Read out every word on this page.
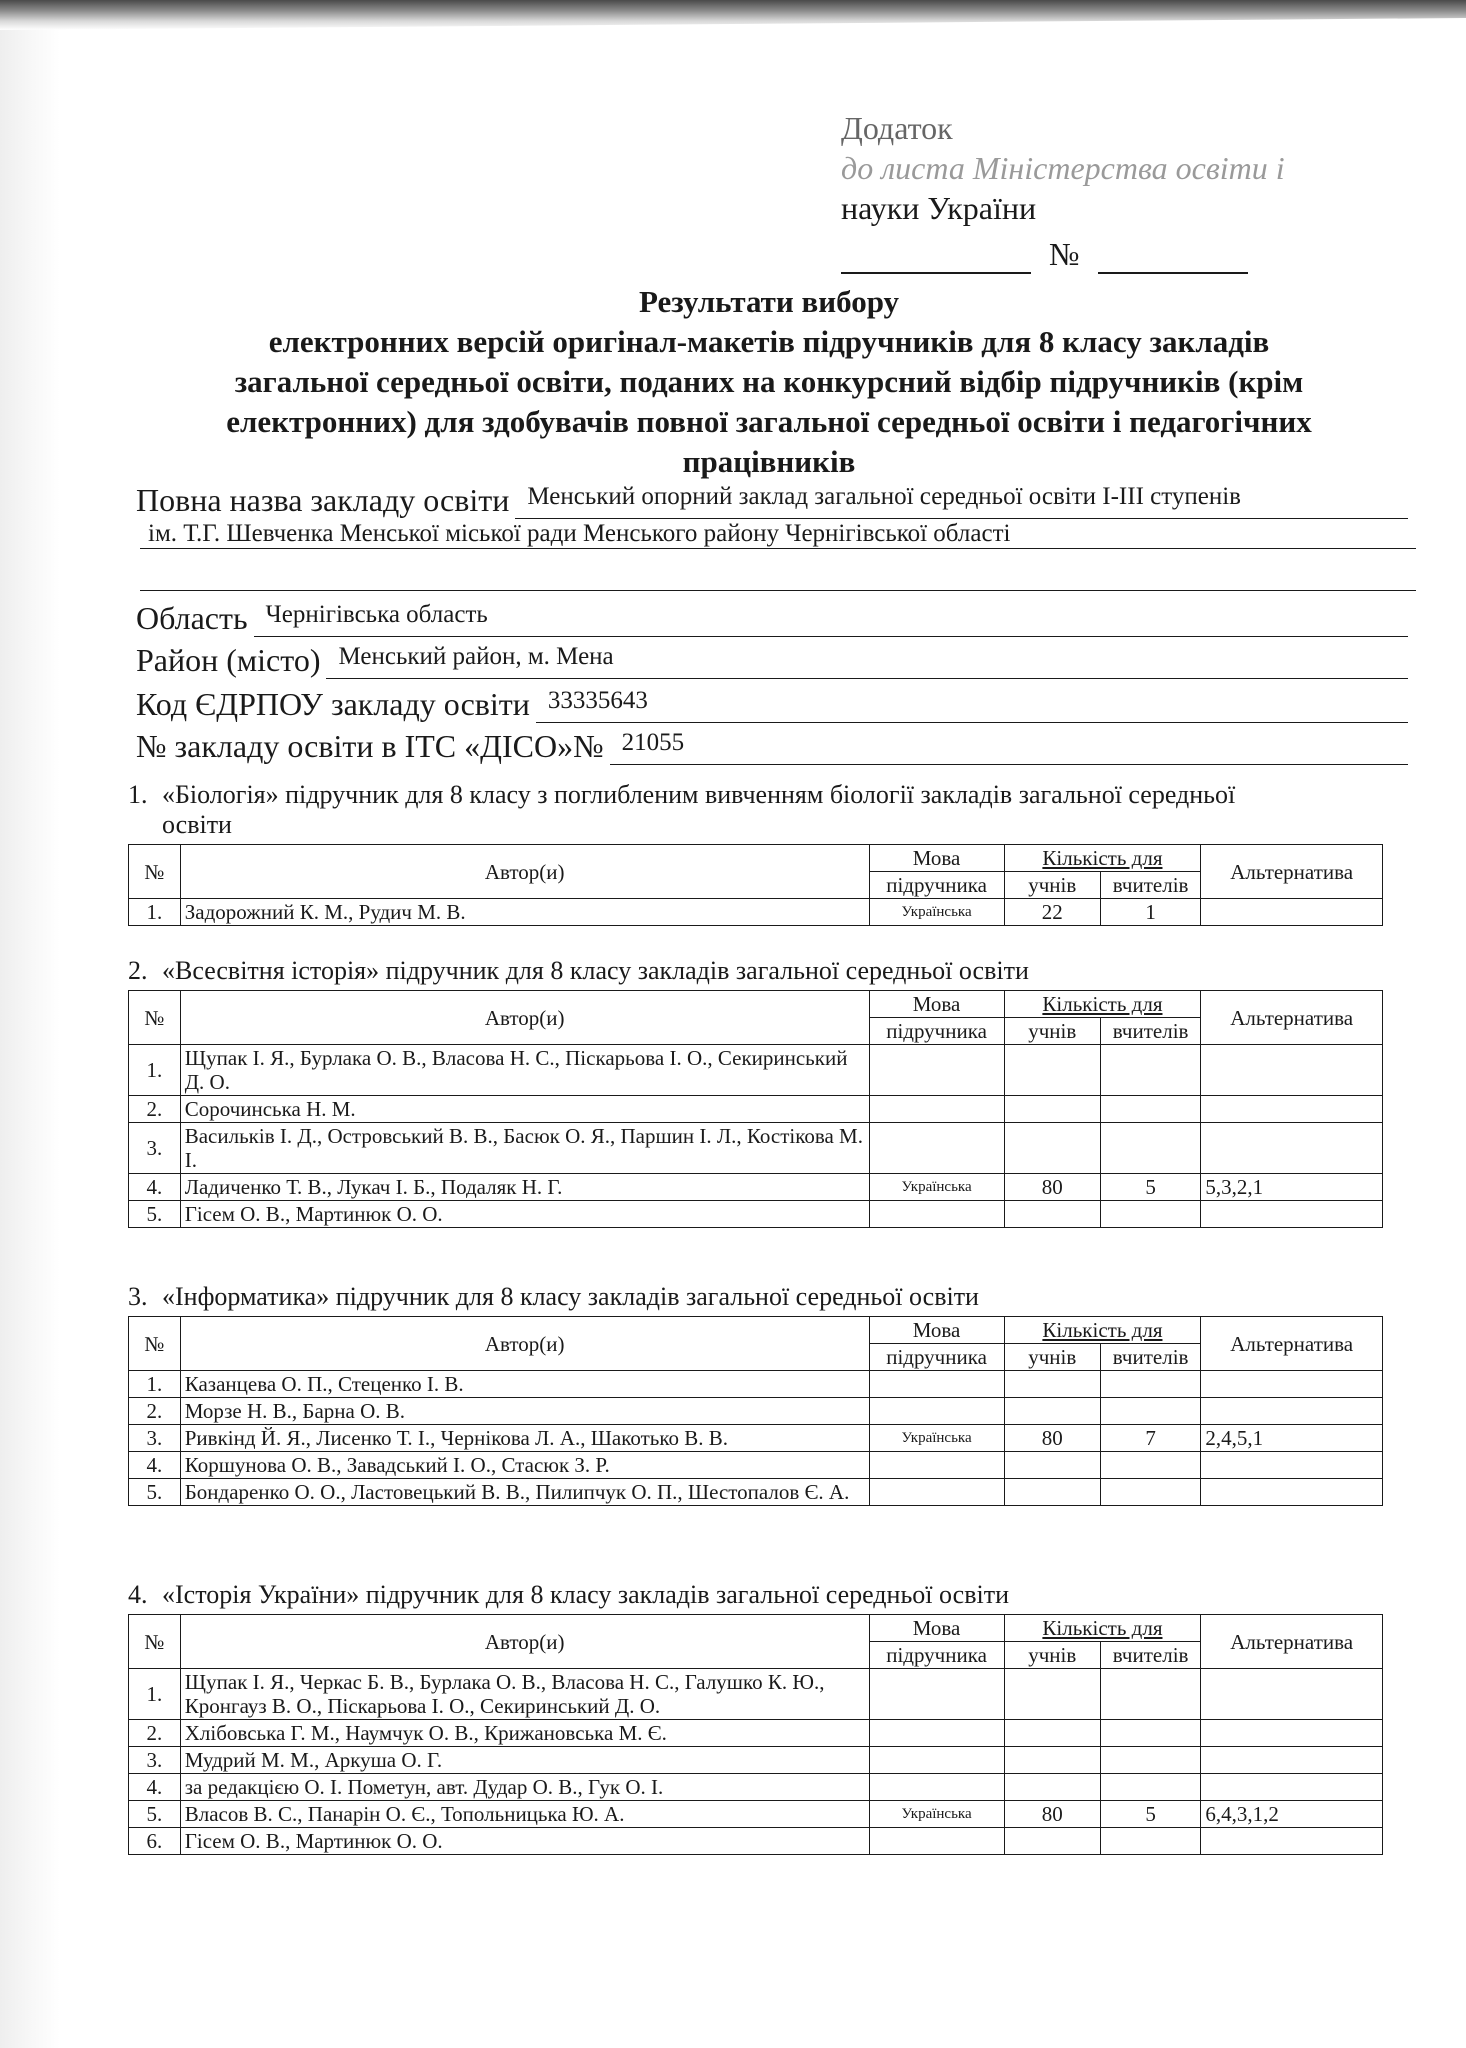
Додаток
до листа Міністерства освіти і
науки України
№
Результати вибору
електронних версій оригінал-макетів підручників для 8 класу закладів
загальної середньої освіти, поданих на конкурсний відбір підручників (крім
електронних) для здобувачів повної загальної середньої освіти і педагогічних
працівників
Повна назва закладу освіти Менський опорний заклад загальної середньої освіти І-ІІІ ступенів
ім. Т.Г. Шевченка Менської міської ради Менського району Чернігівської області
Область Чернігівська область
Район (місто) Менський район, м. Мена
Код ЄДРПОУ закладу освіти 33335643
№ закладу освіти в ІТС «ДІСО»№ 21055
1. «Біологія» підручник для 8 класу з поглибленим вивченням біології закладів загальної середньої
освіти
№	Автор(и)	Мова	Кількість для		Альтернатива
		підручника	учнів	вчителів	
1.	Задорожний К. М., Рудич М. В.	Українська	22	1	
2. «Всесвітня історія» підручник для 8 класу закладів загальної середньої освіти
№	Автор(и)	Мова	Кількість для		Альтернатива
		підручника	учнів	вчителів	
1.	Щупак І. Я., Бурлака О. В., Власова Н. С., Піскарьова І. О., Секиринський Д. О.				
2.	Сорочинська Н. М.				
3.	Васильків І. Д., Островський В. В., Басюк О. Я., Паршин І. Л., Костікова М. І.				
4.	Ладиченко Т. В., Лукач І. Б., Подаляк Н. Г.	Українська	80	5	5,3,2,1
5.	Гісем О. В., Мартинюк О. О.				
3. «Інформатика» підручник для 8 класу закладів загальної середньої освіти
№	Автор(и)	Мова	Кількість для		Альтернатива
		підручника	учнів	вчителів	
1.	Казанцева О. П., Стеценко І. В.				
2.	Морзе Н. В., Барна О. В.				
3.	Ривкінд Й. Я., Лисенко Т. І., Чернікова Л. А., Шакотько В. В.	Українська	80	7	2,4,5,1
4.	Коршунова О. В., Завадський І. О., Стасюк З. Р.				
5.	Бондаренко О. О., Ластовецький В. В., Пилипчук О. П., Шестопалов Є. А.				
4. «Історія України» підручник для 8 класу закладів загальної середньої освіти
№	Автор(и)	Мова	Кількість для		Альтернатива
		підручника	учнів	вчителів	
1.	Щупак І. Я., Черкас Б. В., Бурлака О. В., Власова Н. С., Галушко К. Ю., Кронгауз В. О., Піскарьова І. О., Секиринський Д. О.				
2.	Хлібовська Г. М., Наумчук О. В., Крижановська М. Є.				
3.	Мудрий М. М., Аркуша О. Г.				
4.	за редакцією О. І. Пометун, авт. Дудар О. В., Гук О. І.				
5.	Власов В. С., Панарін О. Є., Топольницька Ю. А.	Українська	80	5	6,4,3,1,2
6.	Гісем О. В., Мартинюк О. О.				
